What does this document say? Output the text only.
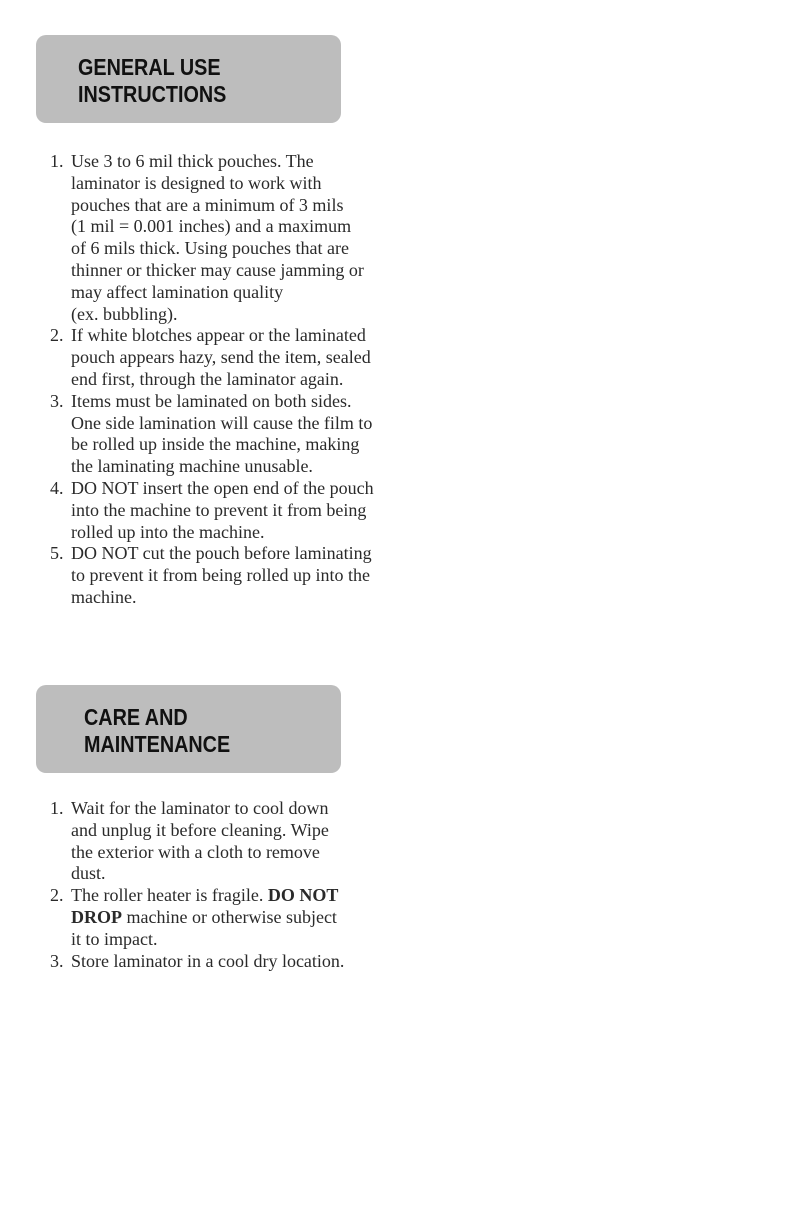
GENERAL USE
INSTRUCTIONS
1. Use 3 to 6 mil thick pouches. The
laminator is designed to work with
pouches that are a minimum of 3 mils
(1 mil = 0.001 inches) and a maximum
of 6 mils thick. Using pouches that are
thinner or thicker may cause jamming or
may affect lamination quality
(ex. bubbling).
2. If white blotches appear or the laminated
pouch appears hazy, send the item, sealed
end first, through the laminator again.
3. Items must be laminated on both sides.
One side lamination will cause the film to
be rolled up inside the machine, making
the laminating machine unusable.
4. DO NOT insert the open end of the pouch
into the machine to prevent it from being
rolled up into the machine.
5. DO NOT cut the pouch before laminating
to prevent it from being rolled up into the
machine.
CARE AND
MAINTENANCE
1. Wait for the laminator to cool down
and unplug it before cleaning. Wipe
the exterior with a cloth to remove
dust.
2. The roller heater is fragile. DO NOT
DROP machine or otherwise subject
it to impact.
3. Store laminator in a cool dry location.
